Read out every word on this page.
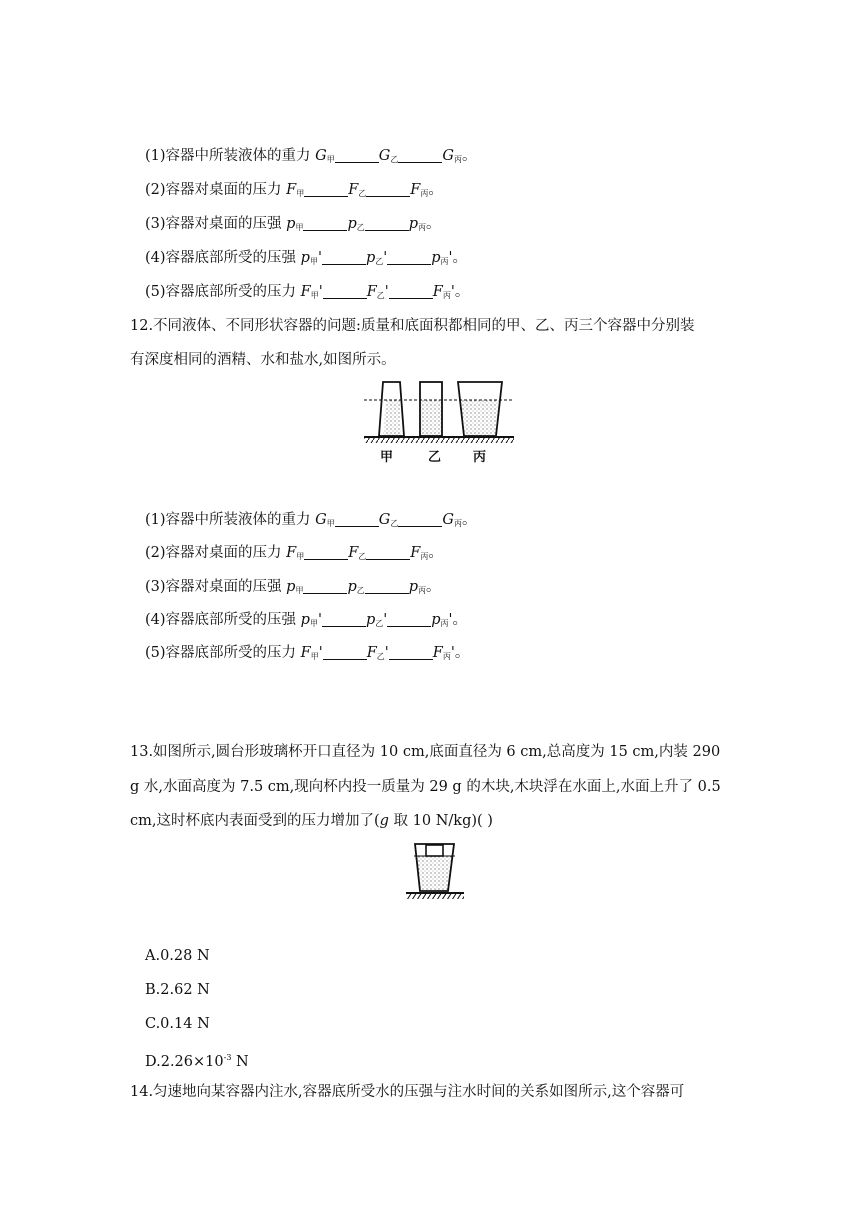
(1)容器中所装液体的重力 $G_甲$	$G_乙$	$G_丙$。
(2)容器对桌面的压力 $F_甲$	$F_乙$	$F_丙$。
(3)容器对桌面的压强 $p_甲$	$p_乙$	$p_丙$。
(4)容器底部所受的压强 $p_甲'$	$p_乙'$	$p_丙'$。
(5)容器底部所受的压力 $F_甲'$	$F_乙'$	$F_丙'$。
12.不同液体、不同形状容器的问题:质量和底面积都相同的甲、乙、丙三个容器中分别装
有深度相同的酒精、水和盐水,如图所示。
甲	乙 丙
(1)容器中所装液体的重力 $G_甲$	$G_乙$	$G_丙$。
(2)容器对桌面的压力 $F_甲$	$F_乙$	$F_丙$。
(3)容器对桌面的压强 $p_甲$	$p_乙$	$p_丙$。
(4)容器底部所受的压强 $p_甲'$	$p_乙'$	$p_丙'$。
(5)容器底部所受的压力 $F_甲'$	$F_乙'$	$F_丙'$。
13.如图所示,圆台形玻璃杯开口直径为 10 cm,底面直径为 6 cm,总高度为 15 cm,内装 290
g 水,水面高度为 7.5 cm,现向杯内投一质量为 29 g 的木块,木块浮在水面上,水面上升了 0.5
cm,这时杯底内表面受到的压力增加了(g 取 10 N/kg)( )
A.0.28 N
B.2.62 N
C.0.14 N
$D.2.26\times 10^{-3}$ N
14.匀速地向某容器内注水,容器底所受水的压强与注水时间的关系如图所示,这个容器可
